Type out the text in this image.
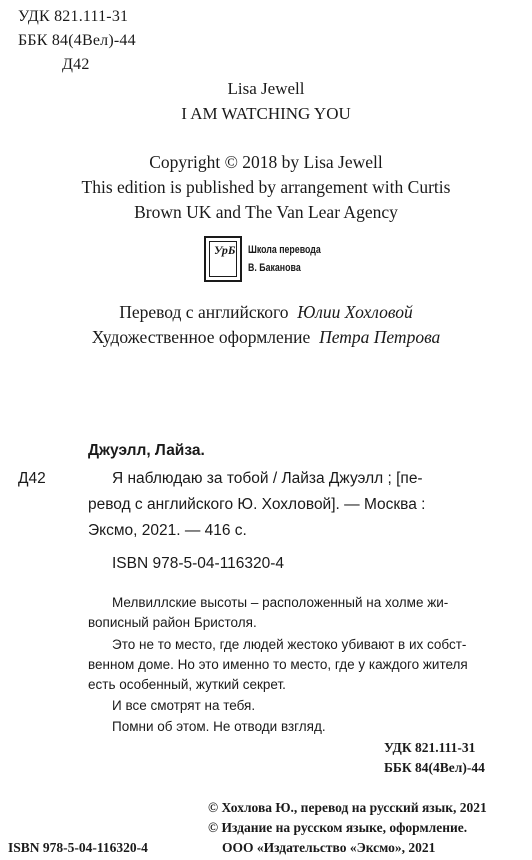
УДК 821.111-31
ББК 84(4Вел)-44
Д42
Lisa Jewell
I AM WATCHING YOU
Copyright © 2018 by Lisa Jewell
This edition is published by arrangement with Curtis
Brown UK and The Van Lear Agency
УрБ Школа перевода
В. Бакановa
Перевод с английского Юлии Хохловой
Художественное оформление Петра Петрова
Джуэлл, Лайза.
Д42	Я наблюдаю за тобой / Лайза Джуэлл ; [пе-
ревод с английского Ю. Хохловой]. — Москва :
Эксмо, 2021. — 416 с.
ISBN 978-5-04-116320-4
Мелвиллские высоты – расположенный на холме жи-
вописный район Бристоля.
Это не то место, где людей жестоко убивают в их собст-
венном доме. Но это именно то место, где у каждого жителя
есть особенный, жуткий секрет.
И все смотрят на тебя.
Помни об этом. Не отводи взгляд.
УДК 821.111-31
ББК 84(4Вел)-44
© Хохлова Ю., перевод на русский язык, 2021
© Издание на русском языке, оформление.
ISBN 978-5-04-116320-4	ООО «Издательство «Эксмо», 2021
